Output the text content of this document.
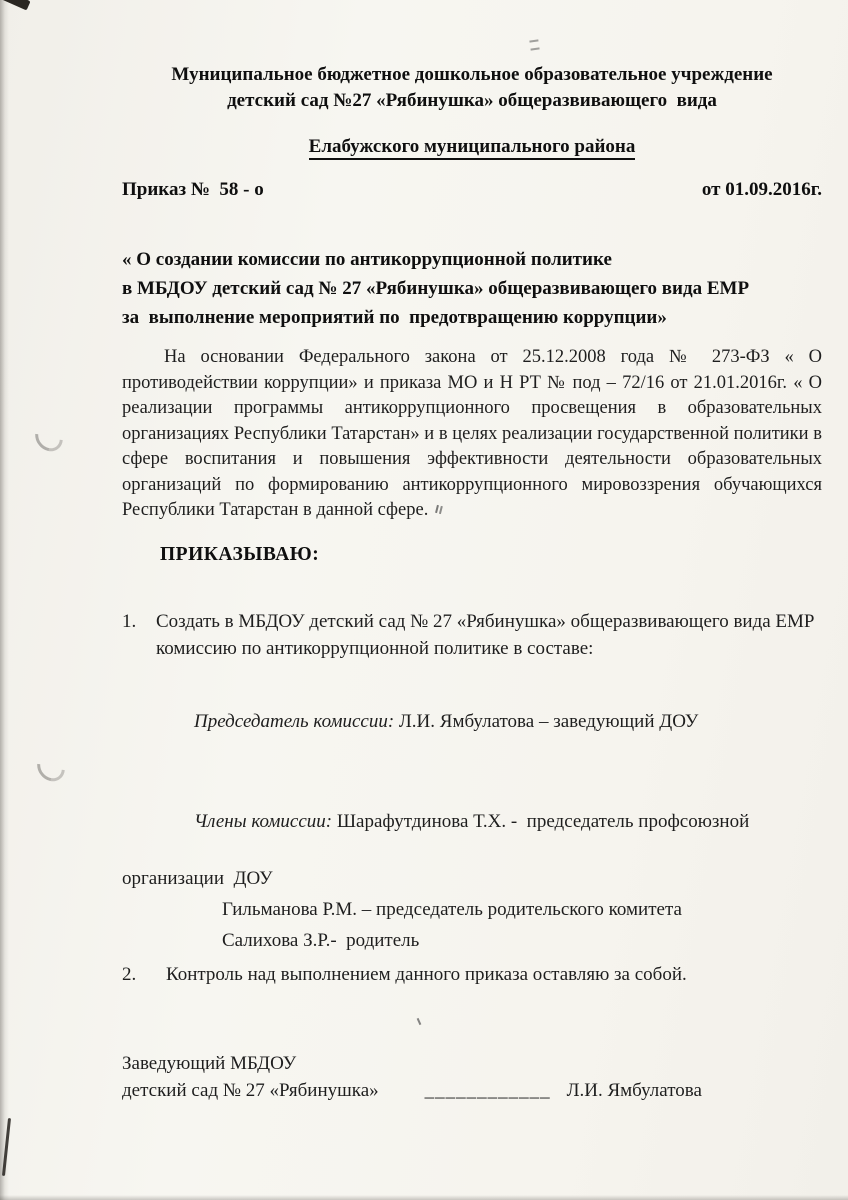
Муниципальное бюджетное дошкольное образовательное учреждение
детский сад №27 «Рябинушка» общеразвивающего  вида
Елабужского муниципального района
Приказ №  58 - о	от 01.09.2016г.
« О создании комиссии по антикоррупционной политике
в МБДОУ детский сад № 27 «Рябинушка» общеразвивающего вида ЕМР
за  выполнение мероприятий по  предотвращению коррупции»
На основании Федерального закона от 25.12.2008 года № 273-ФЗ « О противодействии коррупции» и приказа МО и Н РТ № под – 72/16 от 21.01.2016г. « О реализации программы антикоррупционного просвещения в образовательных организациях Республики Татарстан» и в целях реализации государственной политики в сфере воспитания и повышения эффективности деятельности образовательных организаций по формированию антикоррупционного мировоззрения обучающихся Республики Татарстан в данной сфере.
ПРИКАЗЫВАЮ:
1.	Создать в МБДОУ детский сад № 27 «Рябинушка» общеразвивающего вида ЕМР комиссию по антикоррупционной политике в составе:

Председатель комиссии: Л.И. Ямбулатова – заведующий ДОУ

Члены комиссии: Шарафутдинова Т.Х. -  председатель профсоюзной

организации  ДОУ
Гильманова Р.М. – председатель родительского комитета
Салихова З.Р.-  родитель
2.	Контроль над выполнением данного приказа оставляю за собой.
Заведующий МБДОУ
детский сад № 27 «Рябинушка» ____________ Л.И. Ямбулатова
